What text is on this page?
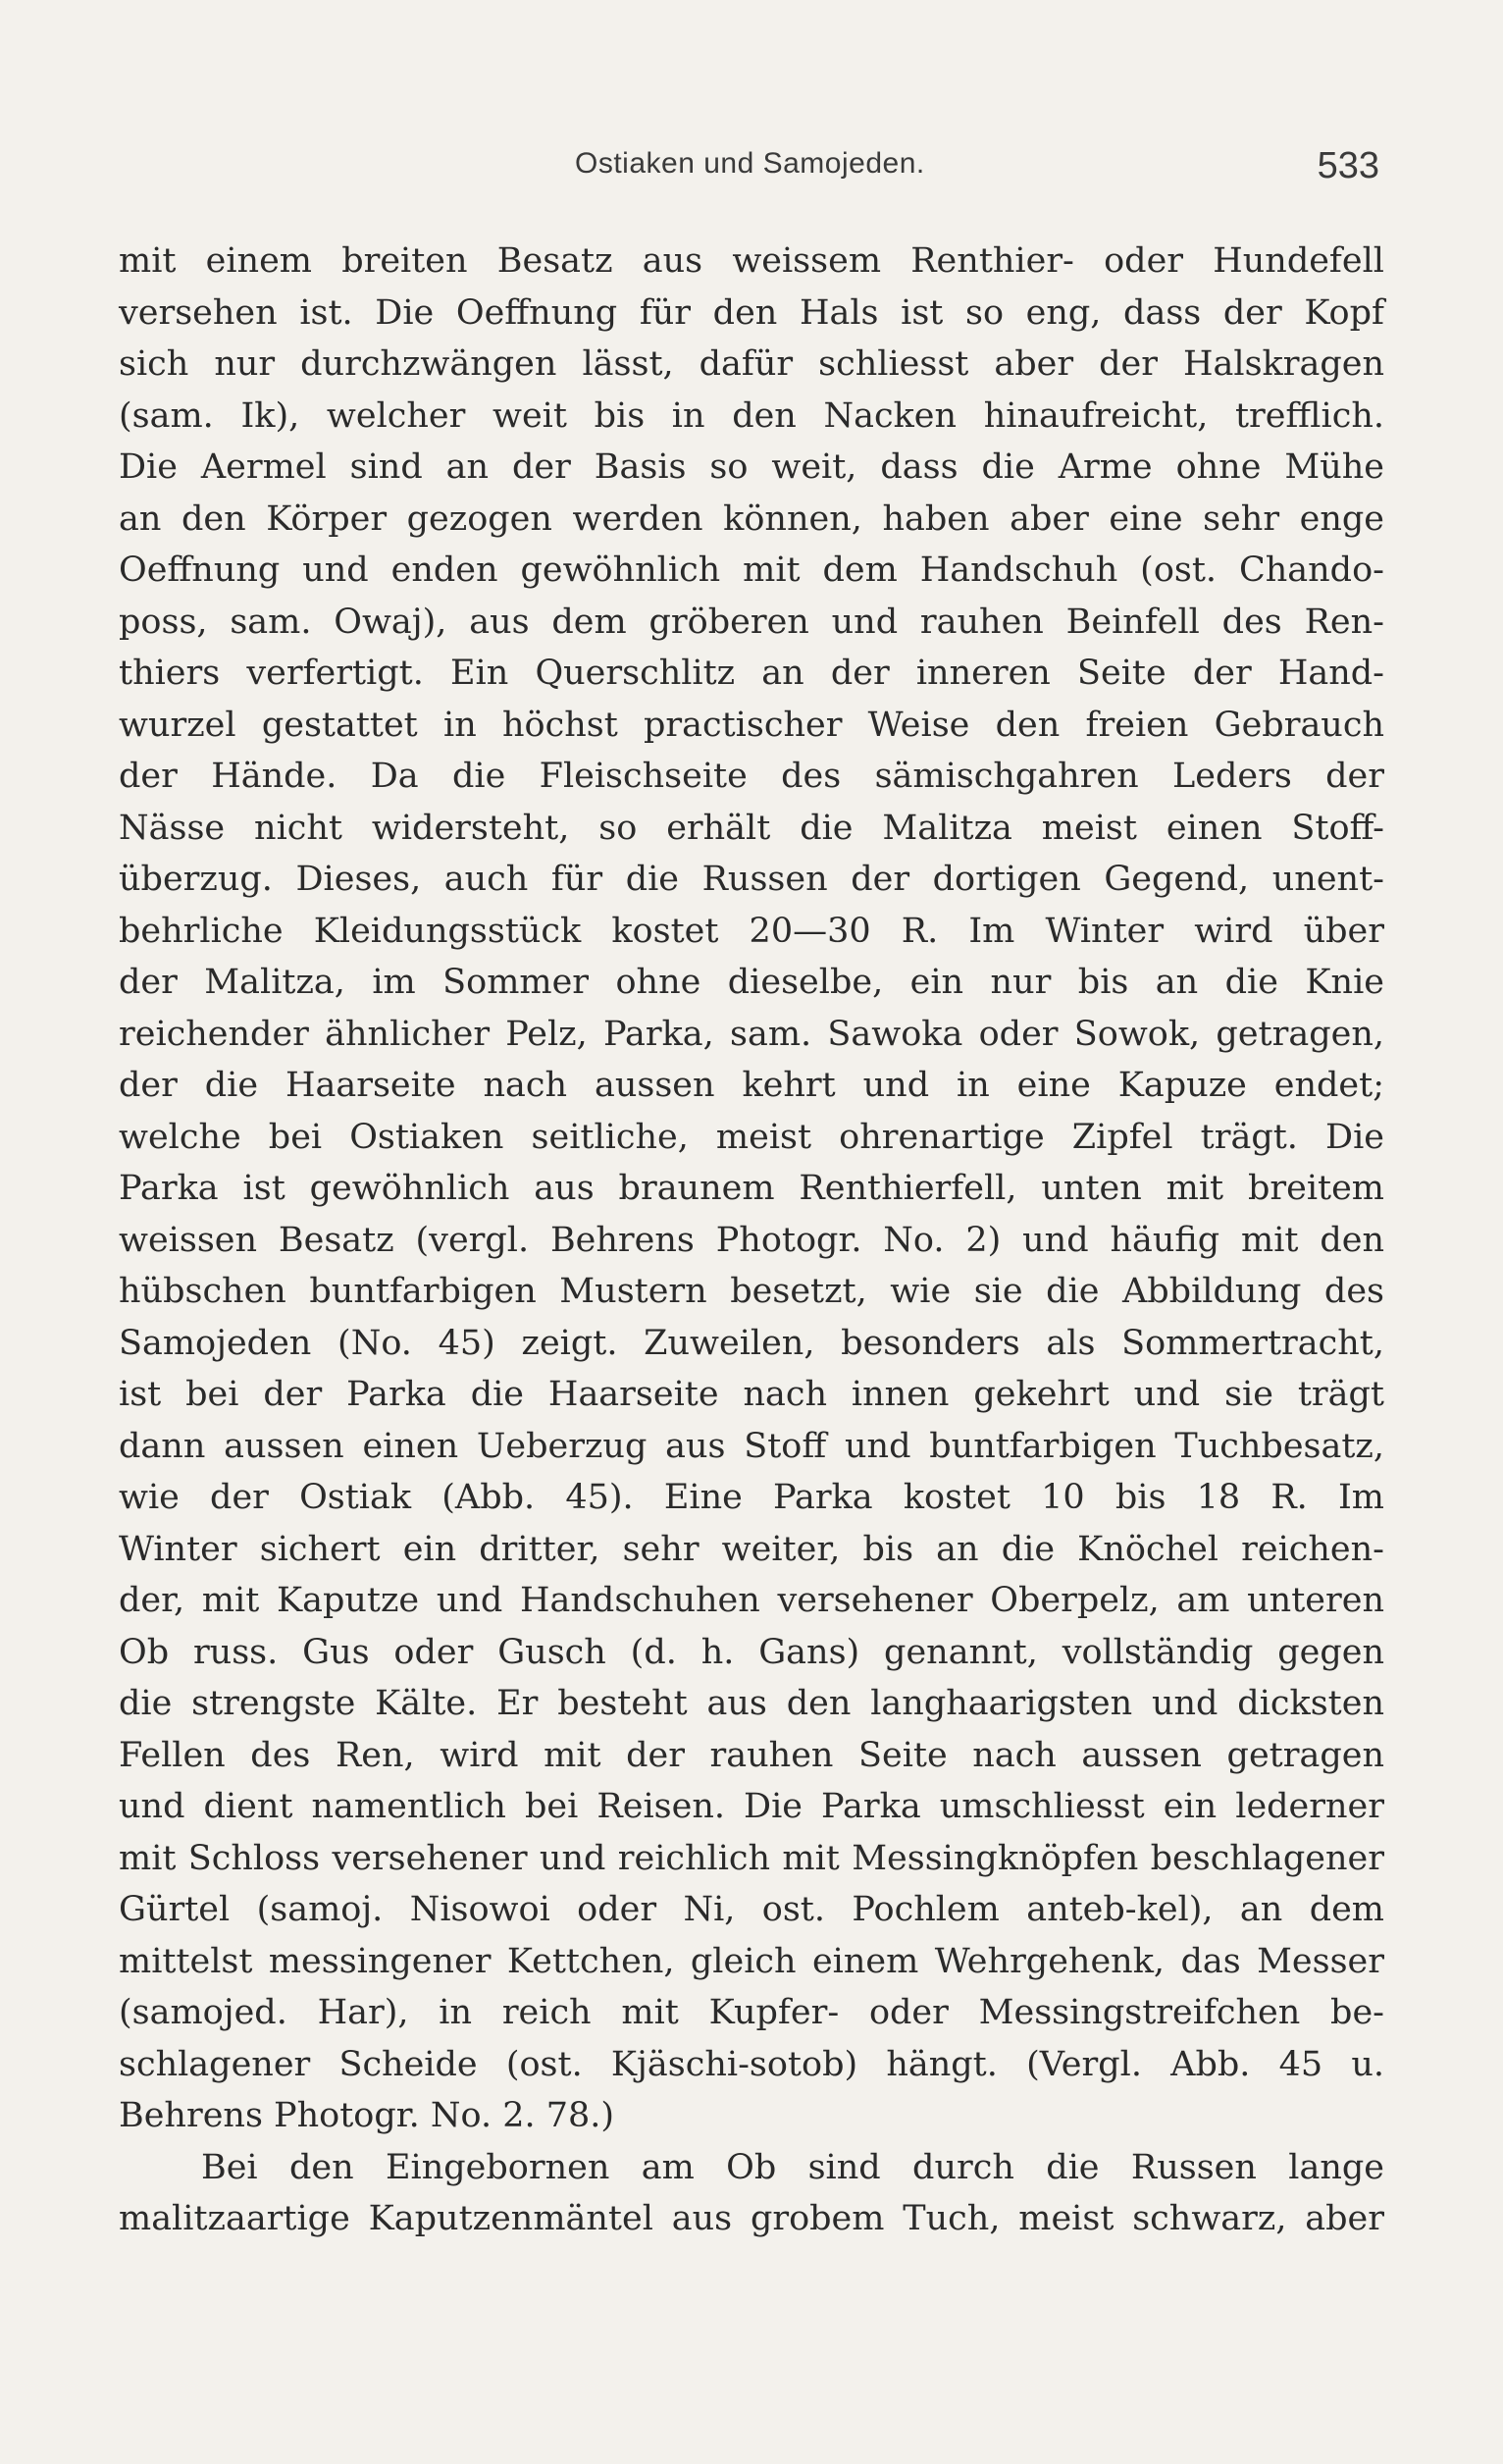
Ostiaken und Samojeden.	533
mit einem breiten Besatz aus weissem Renthier- oder Hundefell
versehen ist. Die Oeffnung für den Hals ist so eng, dass der Kopf
sich nur durchzwängen lässt, dafür schliesst aber der Halskragen
(sam. Ik), welcher weit bis in den Nacken hinaufreicht, trefflich.
Die Aermel sind an der Basis so weit, dass die Arme ohne Mühe
an den Körper gezogen werden können, haben aber eine sehr enge
Oeffnung und enden gewöhnlich mit dem Handschuh (ost. Chando-
poss, sam. Owaj), aus dem gröberen und rauhen Beinfell des Ren-
thiers verfertigt. Ein Querschlitz an der inneren Seite der Hand-
wurzel gestattet in höchst practischer Weise den freien Gebrauch
der Hände. Da die Fleischseite des sämischgahren Leders der
Nässe nicht widersteht, so erhält die Malitza meist einen Stoff-
überzug. Dieses, auch für die Russen der dortigen Gegend, unent-
behrliche Kleidungsstück kostet 20—30 R. Im Winter wird über
der Malitza, im Sommer ohne dieselbe, ein nur bis an die Knie
reichender ähnlicher Pelz, Parka, sam. Sawoka oder Sowok, getragen,
der die Haarseite nach aussen kehrt und in eine Kapuze endet;
welche bei Ostiaken seitliche, meist ohrenartige Zipfel trägt. Die
Parka ist gewöhnlich aus braunem Renthierfell, unten mit breitem
weissen Besatz (vergl. Behrens Photogr. No. 2) und häufig mit den
hübschen buntfarbigen Mustern besetzt, wie sie die Abbildung des
Samojeden (No. 45) zeigt. Zuweilen, besonders als Sommertracht,
ist bei der Parka die Haarseite nach innen gekehrt und sie trägt
dann aussen einen Ueberzug aus Stoff und buntfarbigen Tuchbesatz,
wie der Ostiak (Abb. 45). Eine Parka kostet 10 bis 18 R. Im
Winter sichert ein dritter, sehr weiter, bis an die Knöchel reichen-
der, mit Kaputze und Handschuhen versehener Oberpelz, am unteren
Ob russ. Gus oder Gusch (d. h. Gans) genannt, vollständig gegen
die strengste Kälte. Er besteht aus den langhaarigsten und dicksten
Fellen des Ren, wird mit der rauhen Seite nach aussen getragen
und dient namentlich bei Reisen. Die Parka umschliesst ein lederner
mit Schloss versehener und reichlich mit Messingknöpfen beschlagener
Gürtel (samoj. Nisowoi oder Ni, ost. Pochlem anteb-kel), an dem
mittelst messingener Kettchen, gleich einem Wehrgehenk, das Messer
(samojed. Har), in reich mit Kupfer- oder Messingstreifchen be-
schlagener Scheide (ost. Kjäschi-sotob) hängt. (Vergl. Abb. 45 u.
Behrens Photogr. No. 2. 78.)
Bei den Eingebornen am Ob sind durch die Russen lange
malitzaartige Kaputzenmäntel aus grobem Tuch, meist schwarz, aber
